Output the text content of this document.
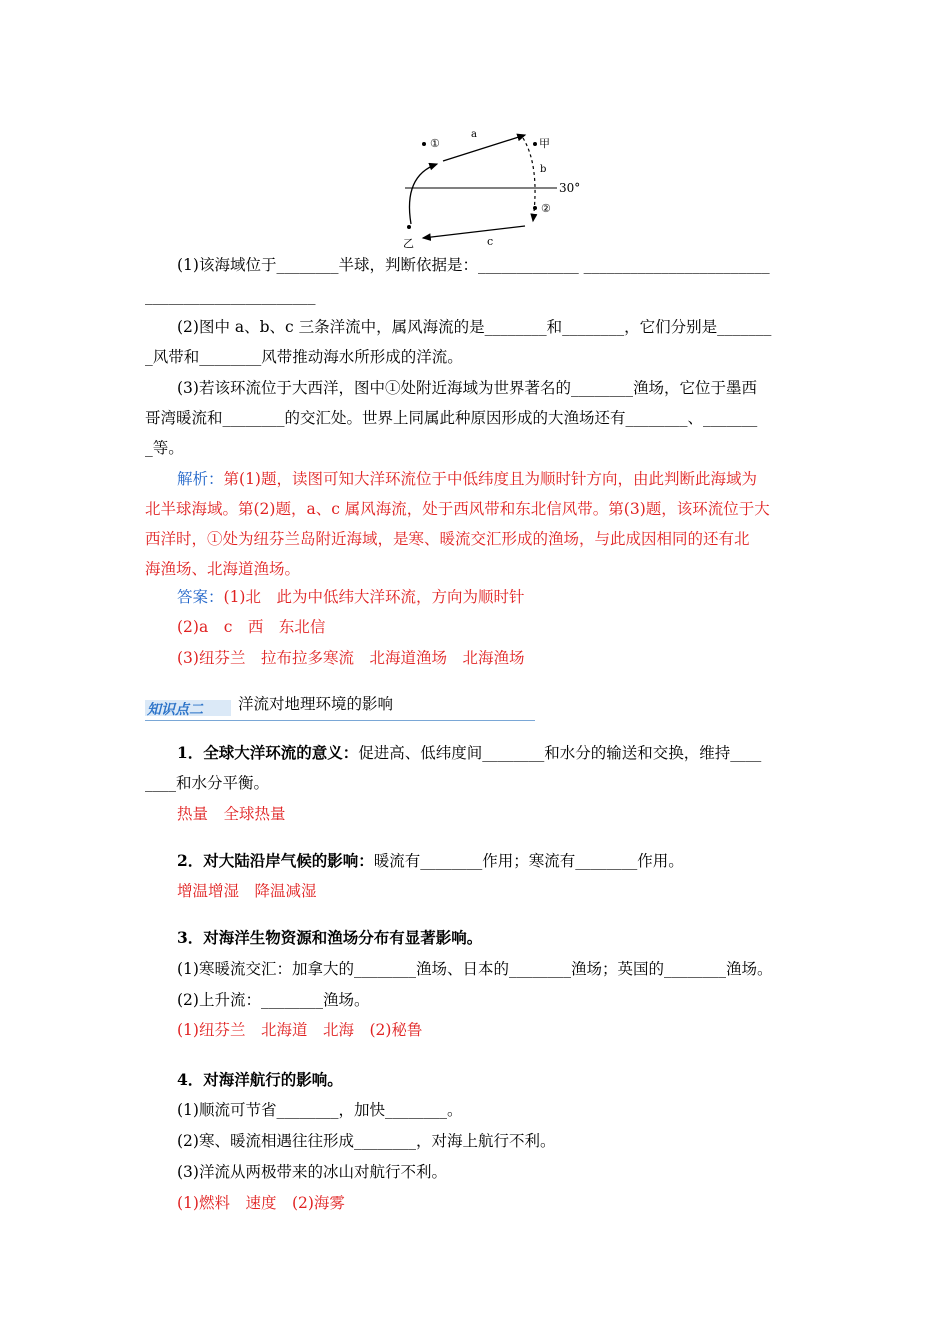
①
a
甲
b
30°
②
c
乙
(1)该海域位于________半球，判断依据是：_____________ ________________________
______________________
(2)图中 a、b、c 三条洋流中，属风海流的是________和________，它们分别是_______
_风带和________风带推动海水所形成的洋流。
(3)若该环流位于大西洋，图中①处附近海域为世界著名的________渔场，它位于墨西
哥湾暖流和________的交汇处。世界上同属此种原因形成的大渔场还有________、_______
_等。
解析：第(1)题，读图可知大洋环流位于中低纬度且为顺时针方向，由此判断此海域为
北半球海域。第(2)题，a、c 属风海流，处于西风带和东北信风带。第(3)题，该环流位于大
西洋时，①处为纽芬兰岛附近海域，是寒、暖流交汇形成的渔场，与此成因相同的还有北
海渔场、北海道渔场。
答案：(1)北　此为中低纬大洋环流，方向为顺时针
(2)a　c　西　东北信
(3)纽芬兰　拉布拉多寒流　北海道渔场　北海渔场
知识点二 洋流对地理环境的影响
1．全球大洋环流的意义：促进高、低纬度间________和水分的输送和交换，维持____
____和水分平衡。
热量　全球热量
2．对大陆沿岸气候的影响：暖流有________作用；寒流有________作用。
增温增湿　降温减湿
3．对海洋生物资源和渔场分布有显著影响。
(1)寒暖流交汇：加拿大的________渔场、日本的________渔场；英国的________渔场。
(2)上升流：________渔场。
(1)纽芬兰　北海道　北海　(2)秘鲁
4．对海洋航行的影响。
(1)顺流可节省________，加快________。
(2)寒、暖流相遇往往形成________，对海上航行不利。
(3)洋流从两极带来的冰山对航行不利。
(1)燃料　速度　(2)海雾
